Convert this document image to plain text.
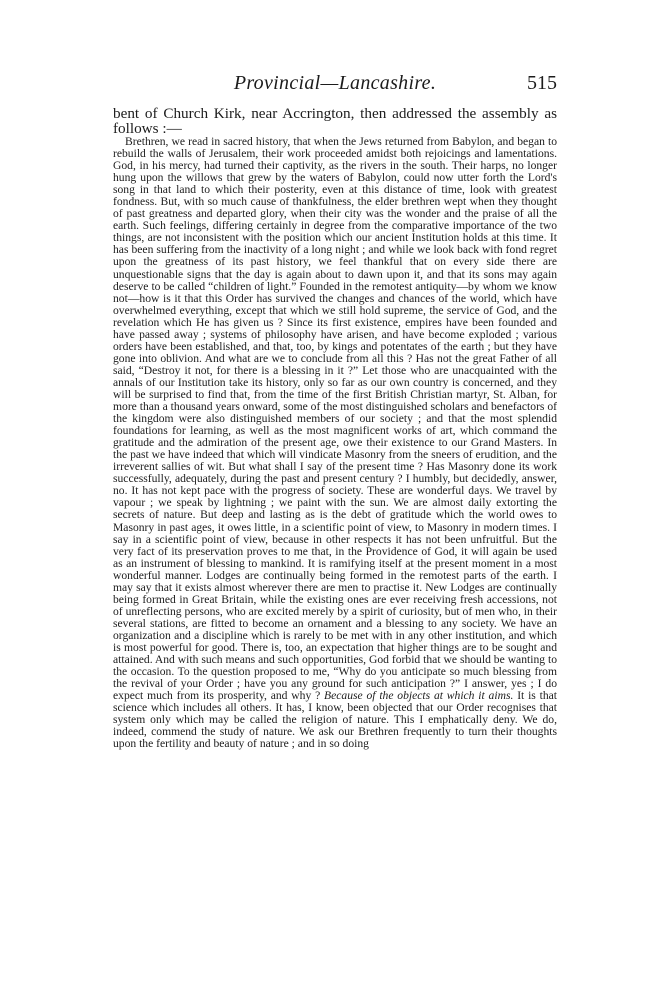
Provincial—Lancashire.	515

bent of Church Kirk, near Accrington, then addressed the assembly as follows :—

Brethren, we read in sacred history, that when the Jews returned from Babylon, and began to rebuild the walls of Jerusalem, their work proceeded amidst both rejoicings and lamentations. God, in his mercy, had turned their captivity, as the rivers in the south. Their harps, no longer hung upon the willows that grew by the waters of Babylon, could now utter forth the Lord's song in that land to which their posterity, even at this distance of time, look with greatest fondness. But, with so much cause of thankfulness, the elder brethren wept when they thought of past greatness and departed glory, when their city was the wonder and the praise of all the earth. Such feelings, differing certainly in degree from the comparative importance of the two things, are not inconsistent with the position which our ancient Institution holds at this time. It has been suffering from the inactivity of a long night ; and while we look back with fond regret upon the greatness of its past history, we feel thankful that on every side there are unquestionable signs that the day is again about to dawn upon it, and that its sons may again deserve to be called “children of light.” Founded in the remotest antiquity—by whom we know not—how is it that this Order has survived the changes and chances of the world, which have overwhelmed everything, except that which we still hold supreme, the service of God, and the revelation which He has given us ? Since its first existence, empires have been founded and have passed away ; systems of philosophy have arisen, and have become exploded ; various orders have been established, and that, too, by kings and potentates of the earth ; but they have gone into oblivion. And what are we to conclude from all this ? Has not the great Father of all said, “Destroy it not, for there is a blessing in it ?” Let those who are unacquainted with the annals of our Institution take its history, only so far as our own country is concerned, and they will be surprised to find that, from the time of the first British Christian martyr, St. Alban, for more than a thousand years onward, some of the most distinguished scholars and benefactors of the kingdom were also distinguished members of our society ; and that the most splendid foundations for learning, as well as the most magnificent works of art, which command the gratitude and the admiration of the present age, owe their existence to our Grand Masters. In the past we have indeed that which will vindicate Masonry from the sneers of erudition, and the irreverent sallies of wit. But what shall I say of the present time ? Has Masonry done its work successfully, adequately, during the past and present century ? I humbly, but decidedly, answer, no. It has not kept pace with the progress of society. These are wonderful days. We travel by vapour ; we speak by lightning ; we paint with the sun. We are almost daily extorting the secrets of nature. But deep and lasting as is the debt of gratitude which the world owes to Masonry in past ages, it owes little, in a scientific point of view, to Masonry in modern times. I say in a scientific point of view, because in other respects it has not been unfruitful. But the very fact of its preservation proves to me that, in the Providence of God, it will again be used as an instrument of blessing to mankind. It is ramifying itself at the present moment in a most wonderful manner. Lodges are continually being formed in the remotest parts of the earth. I may say that it exists almost wherever there are men to practise it. New Lodges are continually being formed in Great Britain, while the existing ones are ever receiving fresh accessions, not of unreflecting persons, who are excited merely by a spirit of curiosity, but of men who, in their several stations, are fitted to become an ornament and a blessing to any society. We have an organization and a discipline which is rarely to be met with in any other institution, and which is most powerful for good. There is, too, an expectation that higher things are to be sought and attained. And with such means and such opportunities, God forbid that we should be wanting to the occasion. To the question proposed to me, “Why do you anticipate so much blessing from the revival of your Order ; have you any ground for such anticipation ?” I answer, yes ; I do expect much from its prosperity, and why ? Because of the objects at which it aims. It is that science which includes all others. It has, I know, been objected that our Order recognises that system only which may be called the religion of nature. This I emphatically deny. We do, indeed, commend the study of nature. We ask our Brethren frequently to turn their thoughts upon the fertility and beauty of nature ; and in so doing
